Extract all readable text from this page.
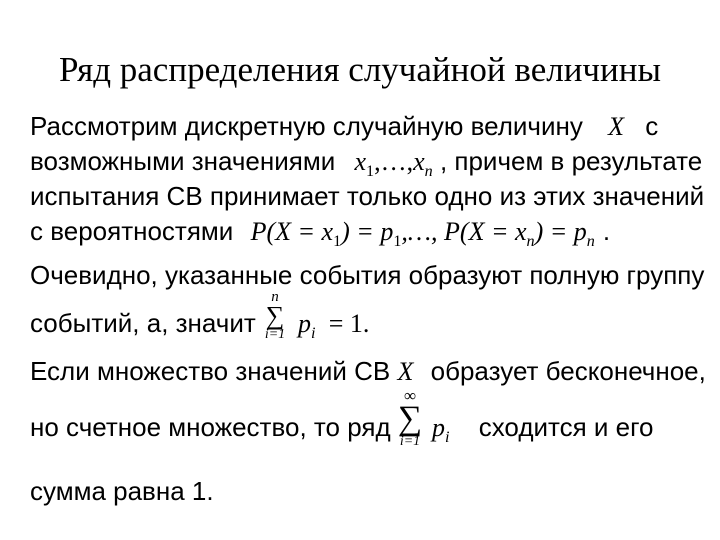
Ряд распределения случайной величины
Рассмотрим дискретную случайную величину X с
возможными значениями $x_1,\dots,x_n$ , причем в результате
испытания СВ принимает только одно из этих значений
с вероятностями $P(X = x_1)$ = $p_1,\dots$, $P(X = x_n) = p_n$ .
Очевидно, указанные события образуют полную группу
событий, а, значит
n
∑
i=1 $p_i = 1$.
Если множество значений СВ X образует бесконечное,
но счетное множество, то ряд
∞
∑
i=1 $p_i$ сходится и его
сумма равна 1.
